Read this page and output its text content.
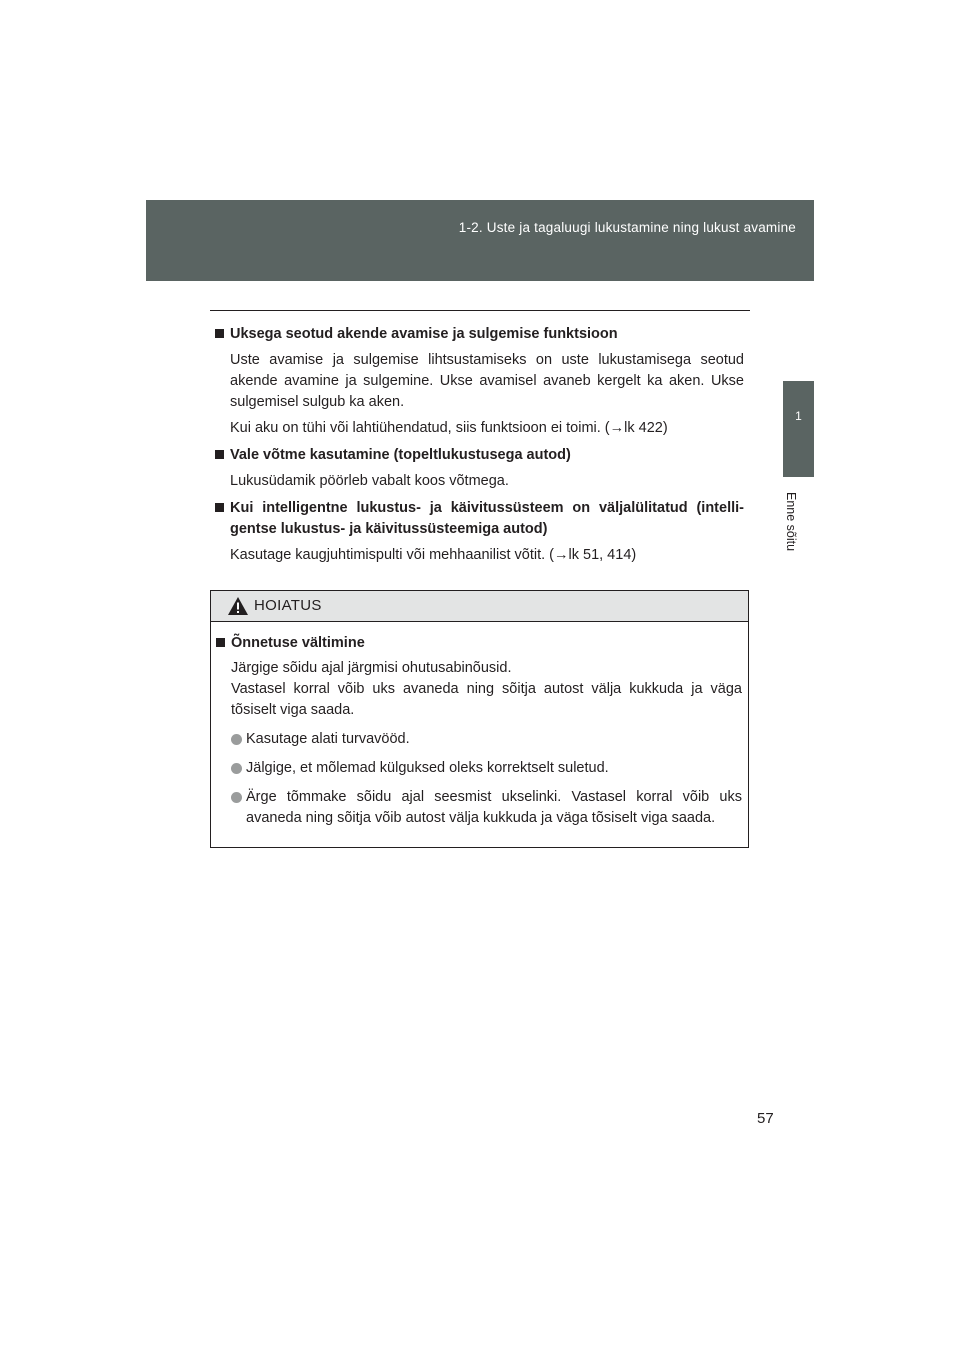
1-2. Uste ja tagaluugi lukustamine ning lukust avamine
1
Enne sõitu
Uksega seotud akende avamise ja sulgemise funktsioon

Uste avamise ja sulgemise lihtsustamiseks on uste lukustamisega seotud akende avamine ja sulgemine. Ukse avamisel avaneb kergelt ka aken. Ukse sulgemisel sulgub ka aken.

Kui aku on tühi või lahtiühendatud, siis funktsioon ei toimi. (→lk 422)

Vale võtme kasutamine (topeltlukustusega autod)

Lukusüdamik pöörleb vabalt koos võtmega.

Kui intelligentne lukustus- ja käivitussüsteem on väljalülitatud (intelli- gentse lukustus- ja käivitussüsteemiga autod)

Kasutage kaugjuhtimispulti või mehhaanilist võtit. (→lk 51, 414)

HOIATUS
Õnnetuse vältimine
Järgige sõidu ajal järgmisi ohutusabinõusid.
Vastasel korral võib uks avaneda ning sõitja autost välja kukkuda ja väga tõsiselt viga saada.
Kasutage alati turvavööd.
Jälgige, et mõlemad külguksed oleks korrektselt suletud.
Ärge tõmmake sõidu ajal seesmist ukselinki. Vastasel korral võib uks avaneda ning sõitja võib autost välja kukkuda ja väga tõsiselt viga saada.
57
